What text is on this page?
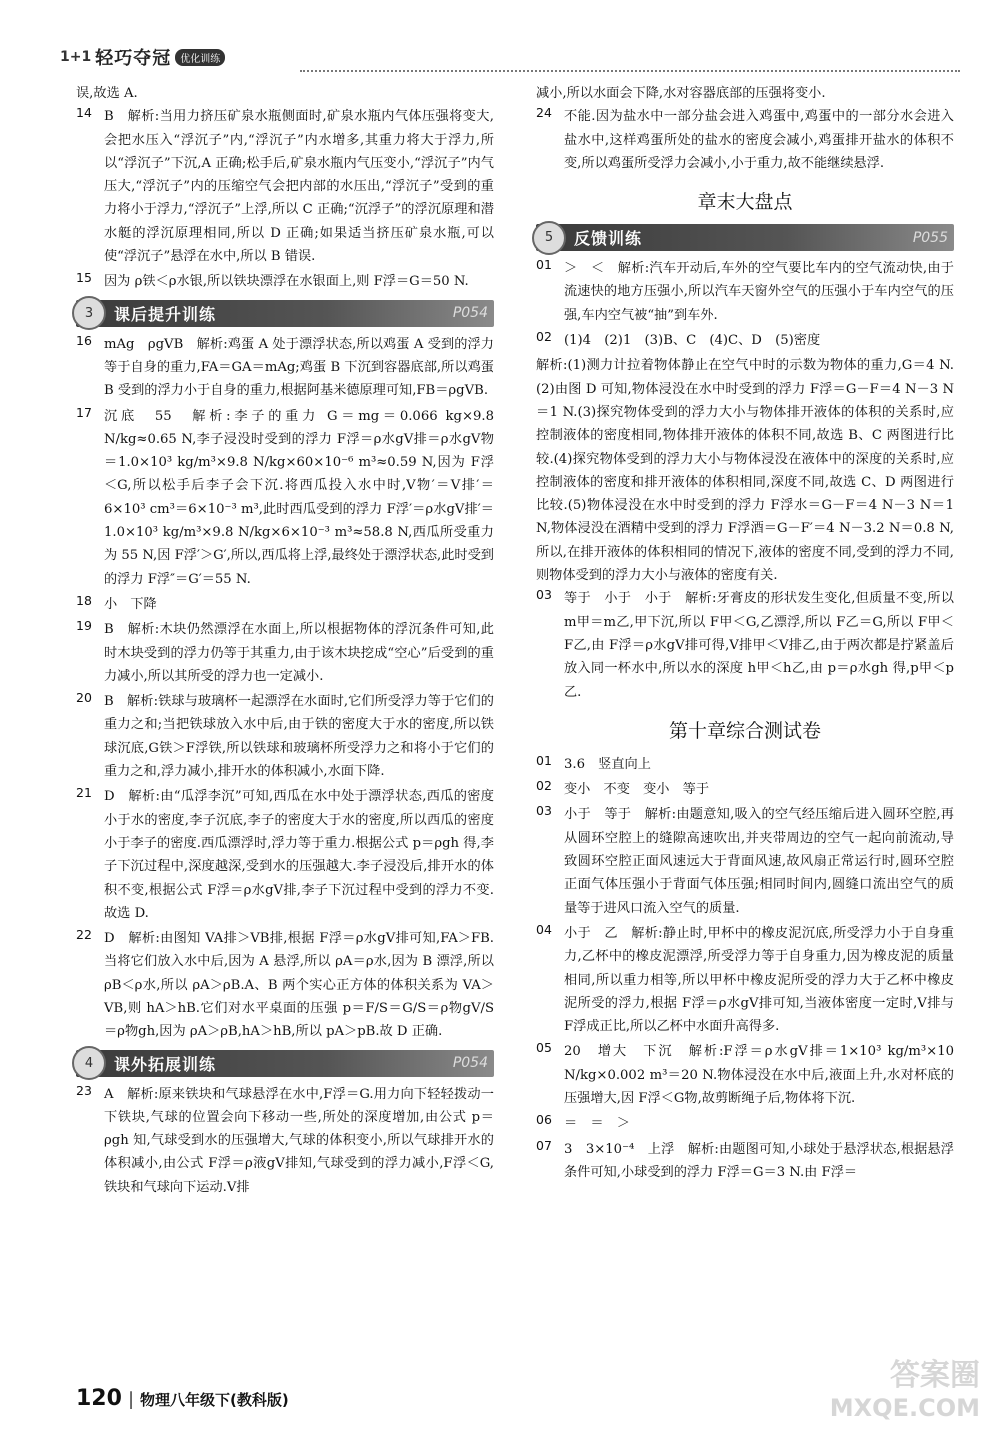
1+1 轻巧夺冠 优化训练

误,故选 A.

14 B　解析:当用力挤压矿泉水瓶侧面时,矿泉水瓶内气体压强将变大,会把水压入“浮沉子”内,“浮沉子”内水增多,其重力将大于浮力,所以“浮沉子”下沉,A 正确;松手后,矿泉水瓶内气压变小,“浮沉子”内气压大,“浮沉子”内的压缩空气会把内部的水压出,“浮沉子”受到的重力将小于浮力,“浮沉子”上浮,所以 C 正确;“沉浮子”的浮沉原理和潜水艇的浮沉原理相同,所以 D 正确;如果适当挤压矿泉水瓶,可以使“浮沉子”悬浮在水中,所以 B 错误.
15 因为 ρ铁＜ρ水银,所以铁块漂浮在水银面上,则 F浮＝G＝50 N.
3	课后提升训练	P054
16 mAg　ρgVB　解析:鸡蛋 A 处于漂浮状态,所以鸡蛋 A 受到的浮力等于自身的重力,FA＝GA＝mAg;鸡蛋 B 下沉到容器底部,所以鸡蛋 B 受到的浮力小于自身的重力,根据阿基米德原理可知,FB＝ρgVB.
17 沉底　55　解析:李子的重力 G＝mg＝0.066 kg×9.8 N/kg≈0.65 N,李子浸没时受到的浮力 F浮＝ρ水gV排＝ρ水gV物＝1.0×10³ kg/m³×9.8 N/kg×60×10⁻⁶ m³≈0.59 N,因为 F浮＜G,所以松手后李子会下沉.将西瓜投入水中时,V物′＝V排′＝6×10³ cm³＝6×10⁻³ m³,此时西瓜受到的浮力 F浮′＝ρ水gV排′＝1.0×10³ kg/m³×9.8 N/kg×6×10⁻³ m³≈58.8 N,西瓜所受重力为 55 N,因 F浮′＞G′,所以,西瓜将上浮,最终处于漂浮状态,此时受到的浮力 F浮″＝G′＝55 N.
18 小　下降
19 B　解析:木块仍然漂浮在水面上,所以根据物体的浮沉条件可知,此时木块受到的浮力仍等于其重力,由于该木块挖成“空心”后受到的重力减小,所以其所受的浮力也一定减小.
20 B　解析:铁球与玻璃杯一起漂浮在水面时,它们所受浮力等于它们的重力之和;当把铁球放入水中后,由于铁的密度大于水的密度,所以铁球沉底,G铁＞F浮铁,所以铁球和玻璃杯所受浮力之和将小于它们的重力之和,浮力减小,排开水的体积减小,水面下降.
21 D　解析:由“瓜浮李沉”可知,西瓜在水中处于漂浮状态,西瓜的密度小于水的密度,李子沉底,李子的密度大于水的密度,所以西瓜的密度小于李子的密度.西瓜漂浮时,浮力等于重力.根据公式 p＝ρgh 得,李子下沉过程中,深度越深,受到水的压强越大.李子浸没后,排开水的体积不变,根据公式 F浮＝ρ水gV排,李子下沉过程中受到的浮力不变.故选 D.
22 D　解析:由图知 VA排＞VB排,根据 F浮＝ρ水gV排可知,FA＞FB.当将它们放入水中后,因为 A 悬浮,所以 ρA＝ρ水,因为 B 漂浮,所以 ρB＜ρ水,所以 ρA＞ρB.A、B 两个实心正方体的体积关系为 VA＞VB,则 hA＞hB.它们对水平桌面的压强 p＝F/S＝G/S＝ρ物gV/S＝ρ物gh,因为 ρA＞ρB,hA＞hB,所以 pA＞pB.故 D 正确.
4	课外拓展训练	P054
23 A　解析:原来铁块和气球悬浮在水中,F浮＝G.用力向下轻轻拨动一下铁块,气球的位置会向下移动一些,所处的深度增加,由公式 p＝ρgh 知,气球受到水的压强增大,气球的体积变小,所以气球排开水的体积减小,由公式 F浮＝ρ液gV排知,气球受到的浮力减小,F浮＜G,铁块和气球向下运动.V排

减小,所以水面会下降,水对容器底部的压强将变小.

24 不能.因为盐水中一部分盐会进入鸡蛋中,鸡蛋中的一部分水会进入盐水中,这样鸡蛋所处的盐水的密度会减小,鸡蛋排开盐水的体积不变,所以鸡蛋所受浮力会减小,小于重力,故不能继续悬浮.
章末大盘点
5	反馈训练	P055
01 ＞　＜　解析:汽车开动后,车外的空气要比车内的空气流动快,由于流速快的地方压强小,所以汽车天窗外空气的压强小于车内空气的压强,车内空气被“抽”到车外.
02 (1)4　(2)1　(3)B、C　(4)C、D　(5)密度

解析:(1)测力计拉着物体静止在空气中时的示数为物体的重力,G＝4 N.(2)由图 D 可知,物体浸没在水中时受到的浮力 F浮＝G－F＝4 N－3 N＝1 N.(3)探究物体受到的浮力大小与物体排开液体的体积的关系时,应控制液体的密度相同,物体排开液体的体积不同,故选 B、C 两图进行比较.(4)探究物体受到的浮力大小与物体浸没在液体中的深度的关系时,应控制液体的密度和排开液体的体积相同,深度不同,故选 C、D 两图进行比较.(5)物体浸没在水中时受到的浮力 F浮水＝G－F＝4 N－3 N＝1 N,物体浸没在酒精中受到的浮力 F浮酒＝G－F′＝4 N－3.2 N＝0.8 N,所以,在排开液体的体积相同的情况下,液体的密度不同,受到的浮力不同,则物体受到的浮力大小与液体的密度有关.

03 等于　小于　小于　解析:牙膏皮的形状发生变化,但质量不变,所以 m甲＝m乙,甲下沉,所以 F甲＜G,乙漂浮,所以 F乙＝G,所以 F甲＜F乙,由 F浮＝ρ水gV排可得,V排甲＜V排乙,由于两次都是拧紧盖后放入同一杯水中,所以水的深度 h甲＜h乙,由 p＝ρ水gh 得,p甲＜p乙.
第十章综合测试卷
01 3.6　竖直向上
02 变小　不变　变小　等于
03 小于　等于　解析:由题意知,吸入的空气经压缩后进入圆环空腔,再从圆环空腔上的缝隙高速吹出,并夹带周边的空气一起向前流动,导致圆环空腔正面风速远大于背面风速,故风扇正常运行时,圆环空腔正面气体压强小于背面气体压强;相同时间内,圆缝口流出空气的质量等于进风口流入空气的质量.
04 小于　乙　解析:静止时,甲杯中的橡皮泥沉底,所受浮力小于自身重力,乙杯中的橡皮泥漂浮,所受浮力等于自身重力,因为橡皮泥的质量相同,所以重力相等,所以甲杯中橡皮泥所受的浮力大于乙杯中橡皮泥所受的浮力,根据 F浮＝ρ水gV排可知,当液体密度一定时,V排与 F浮成正比,所以乙杯中水面升高得多.
05 20　增大　下沉　解析:F浮＝ρ水gV排＝1×10³ kg/m³×10 N/kg×0.002 m³＝20 N.物体浸没在水中后,液面上升,水对杯底的压强增大,因 F浮＜G物,故剪断绳子后,物体将下沉.
06 ＝　＝　＞
07 3　3×10⁻⁴　上浮　解析:由题图可知,小球处于悬浮状态,根据悬浮条件可知,小球受到的浮力 F浮＝G＝3 N.由 F浮＝
120 | 物理八年级下(教科版)
答案圈
MXQE.COM
